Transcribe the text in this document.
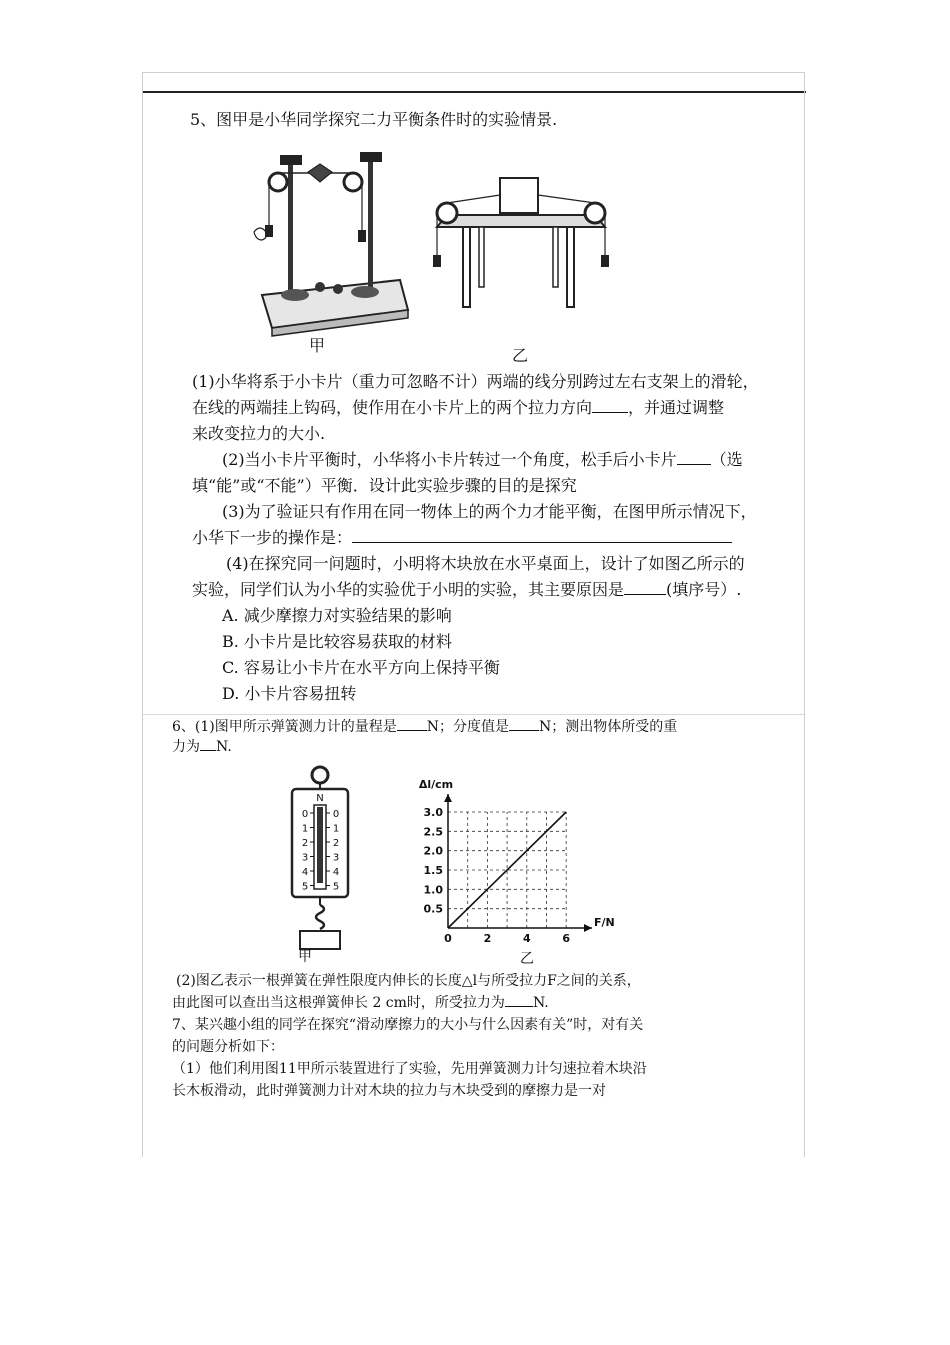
5、图甲是小华同学探究二力平衡条件时的实验情景.
甲
乙
(1)小华将系于小卡片（重力可忽略不计）两端的线分别跨过左右支架上的滑轮，
在线的两端挂上钩码，使作用在小卡片上的两个拉力方向 ，并通过调整
来改变拉力的大小.
(2)当小卡片平衡时，小华将小卡片转过一个角度，松手后小卡片 （选
填“能”或“不能”）平衡．设计此实验步骤的目的是探究
(3)为了验证只有作用在同一物体上的两个力才能平衡，在图甲所示情况下，
小华下一步的操作是：
(4)在探究同一问题时，小明将木块放在水平桌面上，设计了如图乙所示的
实验，同学们认为小华的实验优于小明的实验，其主要原因是	(填序号）.
A. 减少摩擦力对实验结果的影响
B. 小卡片是比较容易获取的材料
C. 容易让小卡片在水平方向上保持平衡
D. 小卡片容易扭转
6、(1)图甲所示弹簧测力计的量程是 N；分度值是 N；测出物体所受的重
力为 N.
N
0 0
1 1
2 2
3 3
4 4
5 5
甲
0	2	4	6
0.5
1.0
1.5
2.0
2.5
3.0
F/N
Δl/cm
乙
(2)图乙表示一根弹簧在弹性限度内伸长的长度△l与所受拉力F之间的关系，
由此图可以查出当这根弹簧伸长 2 cm时，所受拉力为 N.
7、某兴趣小组的同学在探究“滑动摩擦力的大小与什么因素有关”时，对有关
的问题分析如下：
（1）他们利用图11甲所示装置进行了实验，先用弹簧测力计匀速拉着木块沿
长木板滑动，此时弹簧测力计对木块的拉力与木块受到的摩擦力是一对
